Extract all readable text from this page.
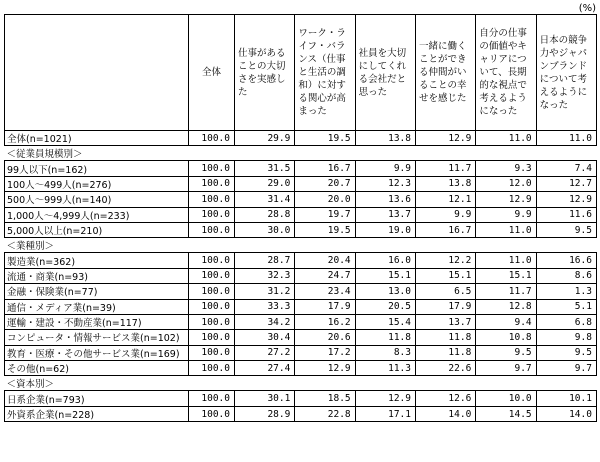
(%)
	全体	仕事があることの大切さを実感した	ワーク・ライフ・バランス（仕事と生活の調和）に対する関心が高まった	社員を大切にしてくれる会社だと思った	一緒に働くことができる仲間がいることの幸せを感じた	自分の仕事の価値やキャリアについて、長期的な視点で考えるようになった	日本の競争力やジャパンブランドについて考えるようになった
全体(n=1021)	100.0	29.9	19.5	13.8	12.9	11.0	11.0
＜従業員規模別＞							
99人以下(n=162)	100.0	31.5	16.7	9.9	11.7	9.3	7.4
100人～499人(n=276)	100.0	29.0	20.7	12.3	13.8	12.0	12.7
500人～999人(n=140)	100.0	31.4	20.0	13.6	12.1	12.9	12.9
1,000人～4,999人(n=233)	100.0	28.8	19.7	13.7	9.9	9.9	11.6
5,000人以上(n=210)	100.0	30.0	19.5	19.0	16.7	11.0	9.5
＜業種別＞							
製造業(n=362)	100.0	28.7	20.4	16.0	12.2	11.0	16.6
流通・商業(n=93)	100.0	32.3	24.7	15.1	15.1	15.1	8.6
金融・保険業(n=77)	100.0	31.2	23.4	13.0	6.5	11.7	1.3
通信・メディア業(n=39)	100.0	33.3	17.9	20.5	17.9	12.8	5.1
運輸・建設・不動産業(n=117)	100.0	34.2	16.2	15.4	13.7	9.4	6.8
コンピュータ・情報サービス業(n=102)	100.0	30.4	20.6	11.8	11.8	10.8	9.8
教育・医療・その他サービス業(n=169)	100.0	27.2	17.2	8.3	11.8	9.5	9.5
その他(n=62)	100.0	27.4	12.9	11.3	22.6	9.7	9.7
＜資本別＞							
日系企業(n=793)	100.0	30.1	18.5	12.9	12.6	10.0	10.1
外資系企業(n=228)	100.0	28.9	22.8	17.1	14.0	14.5	14.0
